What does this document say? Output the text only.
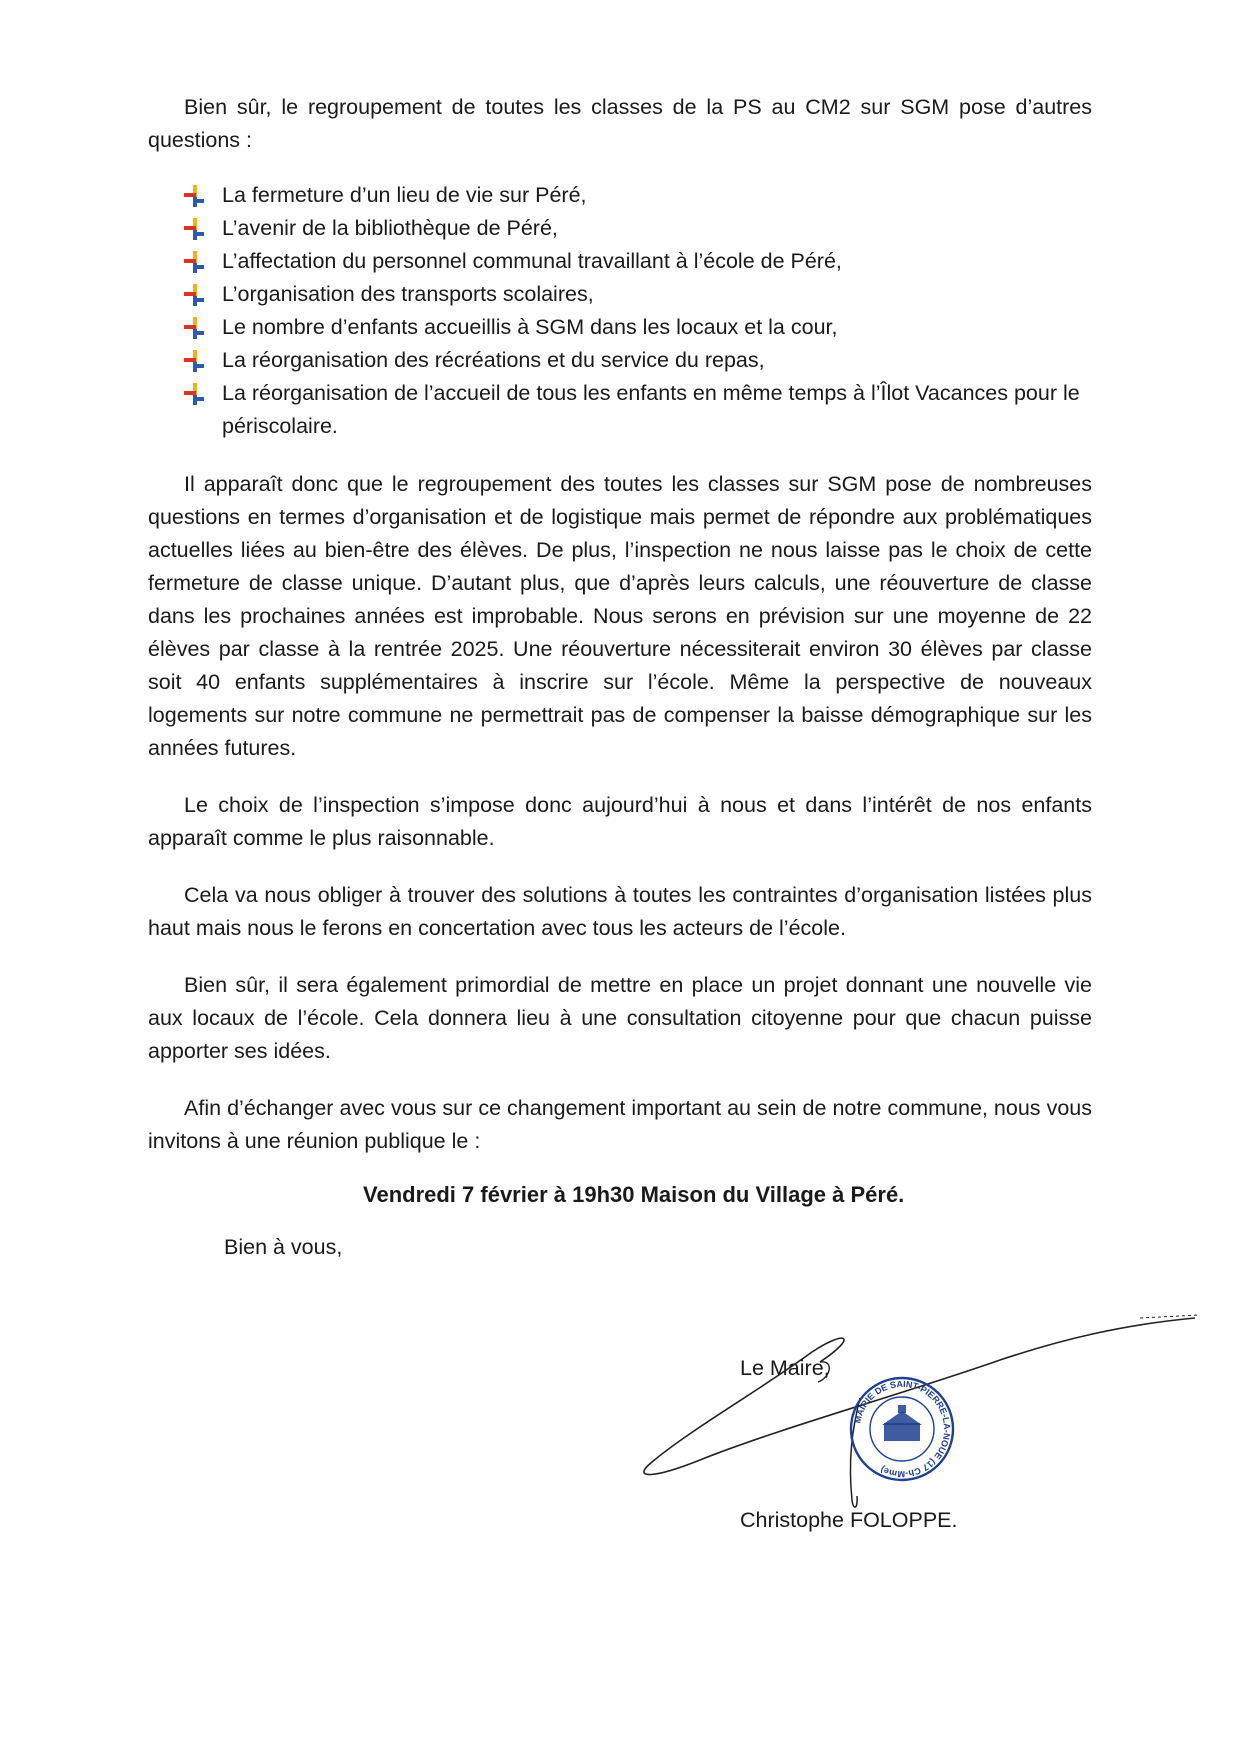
Bien sûr, le regroupement de toutes les classes de la PS au CM2 sur SGM pose d’autres questions :

La fermeture d’un lieu de vie sur Péré,
L’avenir de la bibliothèque de Péré,
L’affectation du personnel communal travaillant à l’école de Péré,
L’organisation des transports scolaires,
Le nombre d’enfants accueillis à SGM dans les locaux et la cour,
La réorganisation des récréations et du service du repas,
La réorganisation de l’accueil de tous les enfants en même temps à l’Îlot Vacances pour le périscolaire.

Il apparaît donc que le regroupement des toutes les classes sur SGM pose de nombreuses questions en termes d’organisation et de logistique mais permet de répondre aux problématiques actuelles liées au bien-être des élèves. De plus, l’inspection ne nous laisse pas le choix de cette fermeture de classe unique. D’autant plus, que d’après leurs calculs, une réouverture de classe dans les prochaines années est improbable. Nous serons en prévision sur une moyenne de 22 élèves par classe à la rentrée 2025. Une réouverture nécessiterait environ 30 élèves par classe soit 40 enfants supplémentaires à inscrire sur l’école. Même la perspective de nouveaux logements sur notre commune ne permettrait pas de compenser la baisse démographique sur les années futures.

Le choix de l’inspection s’impose donc aujourd’hui à nous et dans l’intérêt de nos enfants apparaît comme le plus raisonnable.

Cela va nous obliger à trouver des solutions à toutes les contraintes d’organisation listées plus haut mais nous le ferons en concertation avec tous les acteurs de l’école.

Bien sûr, il sera également primordial de mettre en place un projet donnant une nouvelle vie aux locaux de l’école. Cela donnera lieu à une consultation citoyenne pour que chacun puisse apporter ses idées.

Afin d’échanger avec vous sur ce changement important au sein de notre commune, nous vous invitons à une réunion publique le :

Vendredi 7 février à 19h30 Maison du Village à Péré.

Bien à vous,

Le Maire,
MAIRIE DE SAINT-PIERRE-LA-NOUE (17 Ch-Mme)
Christophe FOLOPPE.
